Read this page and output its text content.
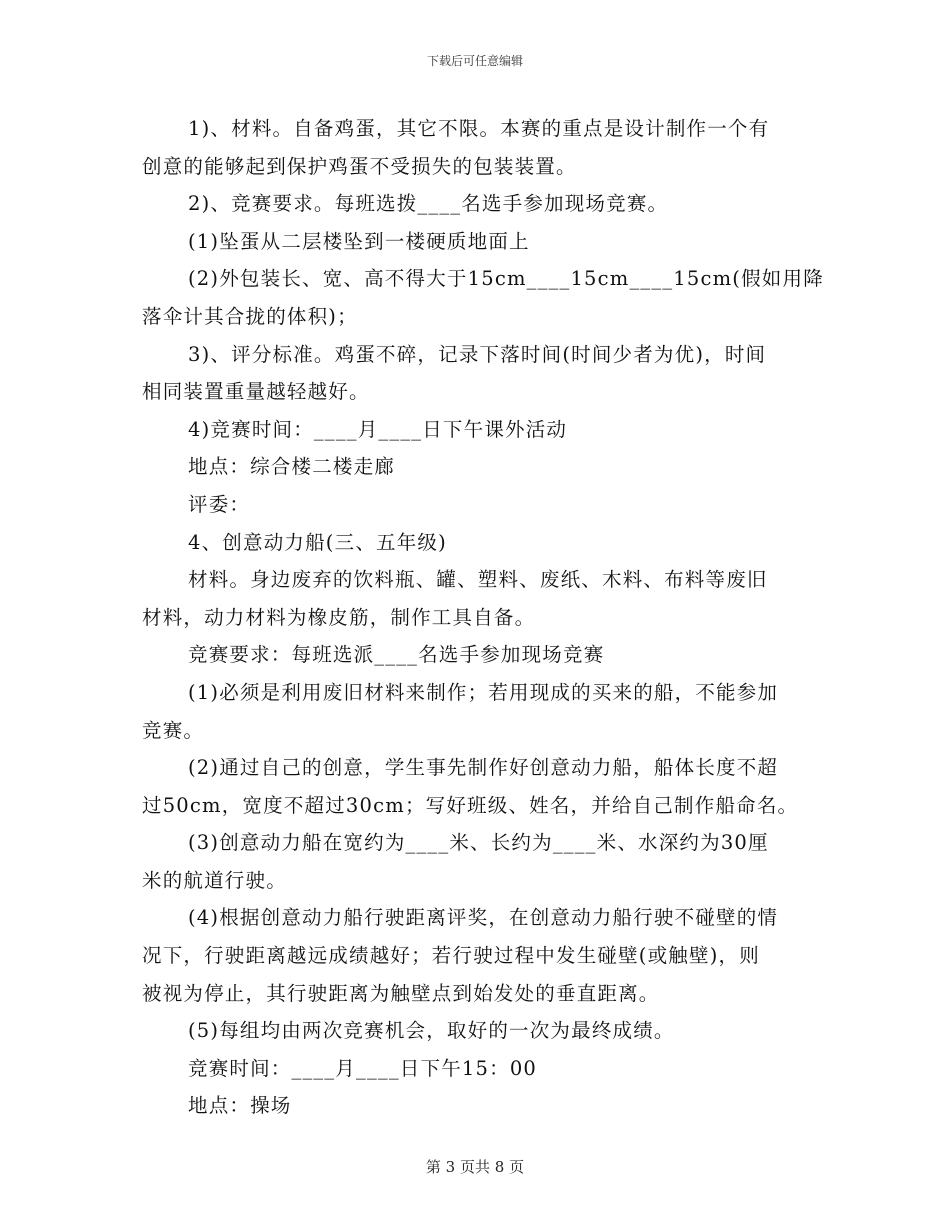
下载后可任意编辑

1)、材料。自备鸡蛋，其它不限。本赛的重点是设计制作一个有

创意的能够起到保护鸡蛋不受损失的包装装置。

2)、竞赛要求。每班选拨____名选手参加现场竞赛。

(1)坠蛋从二层楼坠到一楼硬质地面上

(2)外包装长、宽、高不得大于15cm____15cm____15cm(假如用降

落伞计其合拢的体积)；

3)、评分标准。鸡蛋不碎，记录下落时间(时间少者为优)，时间

相同装置重量越轻越好。

4)竞赛时间：____月____日下午课外活动

地点：综合楼二楼走廊

评委：

4、创意动力船(三、五年级)

材料。身边废弃的饮料瓶、罐、塑料、废纸、木料、布料等废旧

材料，动力材料为橡皮筋，制作工具自备。

竞赛要求：每班选派____名选手参加现场竞赛

(1)必须是利用废旧材料来制作；若用现成的买来的船，不能参加

竞赛。

(2)通过自己的创意，学生事先制作好创意动力船，船体长度不超

过50cm，宽度不超过30cm；写好班级、姓名，并给自己制作船命名。

(3)创意动力船在宽约为____米、长约为____米、水深约为30厘

米的航道行驶。

(4)根据创意动力船行驶距离评奖，在创意动力船行驶不碰壁的情

况下，行驶距离越远成绩越好；若行驶过程中发生碰壁(或触壁)，则

被视为停止，其行驶距离为触壁点到始发处的垂直距离。

(5)每组均由两次竞赛机会，取好的一次为最终成绩。

竞赛时间：____月____日下午15：00

地点：操场

第 3 页共 8 页
